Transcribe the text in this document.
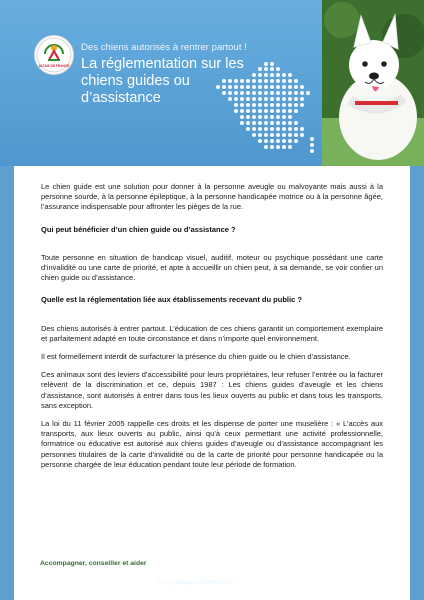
ALTAIS DE FRANCE
Des chiens autorisés à rentrer partout !
La réglementation sur les
chiens guides ou
d’assistance

Le chien guide est une solution pour donner à la personne aveugle ou malvoyante mais aussi à la personne sourde, à la personne épileptique, à la personne handicapée motrice ou à la personne âgée, l’assurance indispensable pour affronter les pièges de la rue.

Qui peut bénéficier d’un chien guide ou d’assistance ?

Toute personne en situation de handicap visuel, auditif, moteur ou psychique possédant une carte d’invalidité ou une carte de priorité, et apte à accueillir un chien peut, à sa demande, se voir confier un chien guide ou d’assistance.

Quelle est la réglementation liée aux établissements recevant du public ?

Des chiens autorisés à entrer partout. L’éducation de ces chiens garantit un comportement exemplaire et parfaitement adapté en toute circonstance et dans n’importe quel environnement.

Il est formellement interdit de surfacturer la présence du chien guide ou le chien d’assistance.

Ces animaux sont des leviers d’accessibilité pour leurs propriétaires, leur refuser l’entrée ou la facturer relèvent de la discrimination et ce, depuis 1987 : Les chiens guides d’aveugle et les chiens d’assistance, sont autorisés à entrer dans tous les lieux ouverts au public et dans tous les transports, sans exception.

La loi du 11 février 2005 rappelle ces droits et les dispense de porter une muselière : « L’accès aux transports, aux lieux ouverts au public, ainsi qu’à ceux permettant une activité professionnelle, formatrice ou éducative est autorisé aux chiens guides d’aveugle ou d’assistance accompagnant les personnes titulaires de la carte d’invalidité ou de la carte de priorité pour personne handicapée ou la personne chargée de leur éducation pendant toute leur période de formation.

Accompagner, conseiller et aider
Juin 2024	Fiches pratiques PROPRIETAIRE
